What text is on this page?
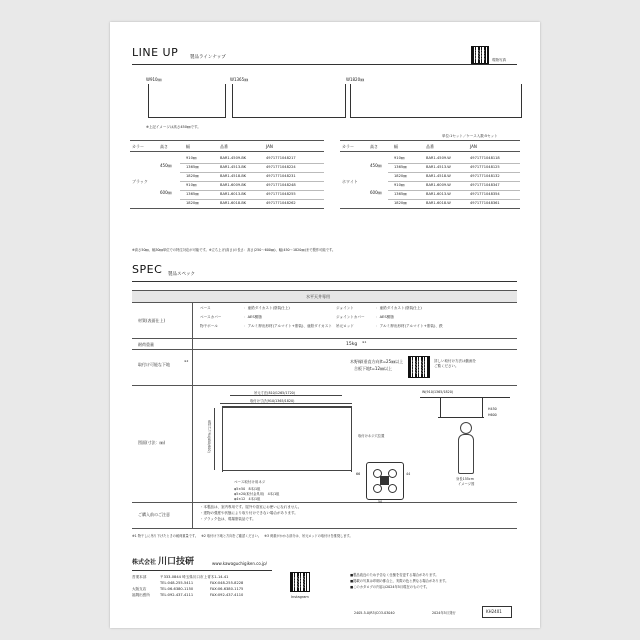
LINE UP	製品ラインナップ	現物写真
W910㎜	W1365㎜	W1820㎜
※上記イメージは高さ450㎜です。
単位:1セット／ケース入数:5セット
カラー	高さ	幅	品番	JAN
ブラック
450㎜
910㎜	BAR1-4509-BK	4971771048217
1365㎜	BAR1-4513-BK	4971771048224
1820㎜	BAR1-4518-BK	4971771048231
600㎜
910㎜	BAR1-6009-BK	4971771048248
1365㎜	BAR1-6013-BK	4971771048255
1820㎜	BAR1-6018-BK	4971771048262
カラー	高さ	幅	品番	JAN
ホワイト
450㎜
910㎜	BAR1-4509-W	4971771048118
1365㎜	BAR1-4513-W	4971771048125
1820㎜	BAR1-4518-W	4971771048132
600㎜
910㎜	BAR1-6009-W	4971771048347
1365㎜	BAR1-6013-W	4971771048354
1820㎜	BAR1-6018-W	4971771048361
※高さ50㎜、幅50㎜単位での特注対応が可能です。※立ち上げ(高さ)の長さ：高さ(250～600㎜)、幅(450～1820㎜)まで製作可能です。
SPEC 製品スペック
水平天井専用
材質(表面仕上)
ベース	：亜鉛ダイカスト(塗装仕上)	ジョイント	：亜鉛ダイカスト(塗装仕上)
ベースカバー	：AES樹脂	ジョイントカバー	：AES樹脂
物干ポール	：アルミ押出形材(アルマイト+塗装)、亜鉛ダイカスト 吊元ロッド	：アルミ押出形材(アルマイト+塗装)、鉄
耐荷重量	15kg ※1
取付け可能な下地
※2	木野縁(垂直方向)t=25㎜以上
合板下地t=12㎜以上
詳しい取付け方法は動画をご覧ください。
図面(寸法：㎜)
吊元寸法(810/1265/1720)
取付け寸法(910/1365/1820)
取付け寸法(450/600)
ベース取付け用ネジ
φ5×50　8本/1組
φ5×20(取付金具用)　4本/1組
φ4×12　4本/1組
取付けネジ穴位置
66
50
44
W(910/1365/1820)
H450
H600
身長155cm
イメージ図
ご購入前のご注意
・本製品は、室内専用です。屋外や浴室にお使いになれません。
・建物の強度や状態により取り付けできない場合があります。
・ブラック色は、現場塗装品です。
※1 物干しに吊り下げたときの耐荷重量です。　※2 取付け下地と方向をご確認ください。　※3 荷重がかかる部分は、吊元ロッドの取付けを推奨します。
株式会社 川口技研	www.kawaguchigiken.co.jp/
営業本部	〒333-0844 埼玉県川口市上青木1-14-41
TEL:048-255-5411	FAX:048-255-8228
大阪支店	TEL:06-6380-1150	FAX:06-6380-1175
福岡出張所	TEL:092-437-4111	FAX:092-437-4110	Instagram
■製品改良のため予告なく仕様を変更する場合があります。
■掲載の写真は印刷の都合上、実際の色と異なる場合があります。
■このカタログの内容は2024年5月現在のものです。
2405-5-0(R3)CO3-03040	2024年5月発行	KH2401
